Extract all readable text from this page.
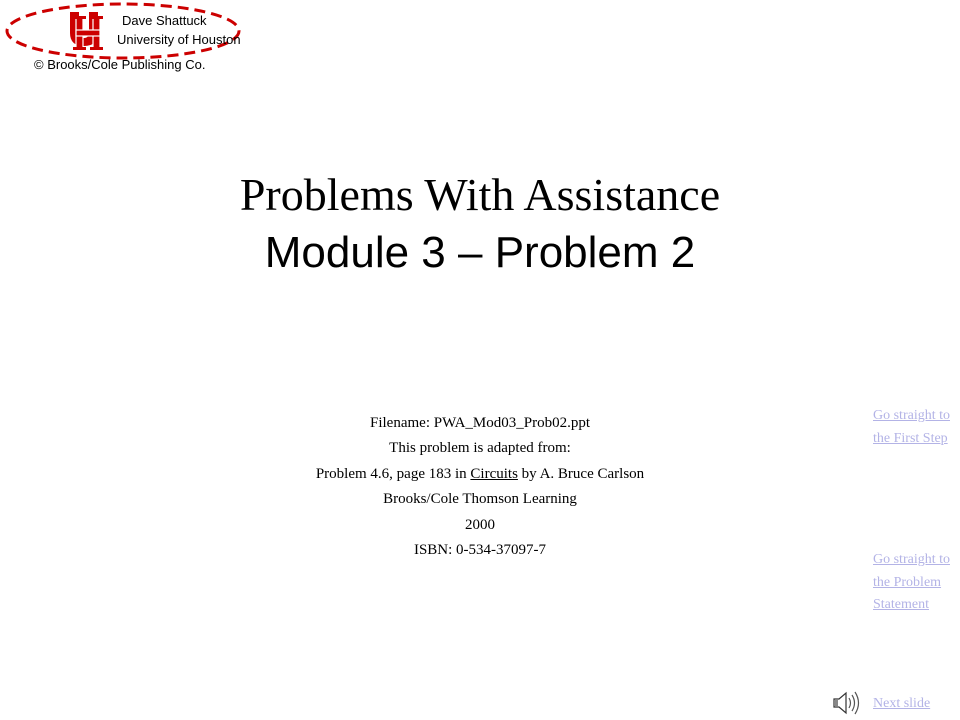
Dave Shattuck
University of Houston
© Brooks/Cole Publishing Co.
Problems With Assistance
Module 3 – Problem 2
Filename: PWA_Mod03_Prob02.ppt
This problem is adapted from:
Problem 4.6, page 183 in Circuits by A. Bruce Carlson
Brooks/Cole Thomson Learning
2000
ISBN: 0-534-37097-7
Go straight to the First Step
Go straight to the Problem Statement
Next slide
